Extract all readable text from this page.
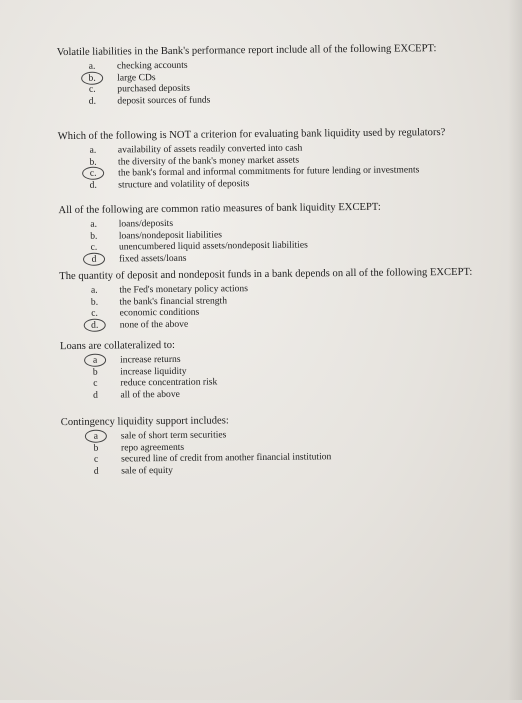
Volatile liabilities in the Bank's performance report include all of the following EXCEPT:
a.	checking accounts
b.	large CDs
c.	purchased deposits
d.	deposit sources of funds
Which of the following is NOT a criterion for evaluating bank liquidity used by regulators?
a.	availability of assets readily converted into cash
b.	the diversity of the bank's money market assets
c.	the bank's formal and informal commitments for future lending or investments
d.	structure and volatility of deposits
All of the following are common ratio measures of bank liquidity EXCEPT:
a.	loans/deposits
b.	loans/nondeposit liabilities
c.	unencumbered liquid assets/nondeposit liabilities
d	fixed assets/loans
The quantity of deposit and nondeposit funds in a bank depends on all of the following EXCEPT:
a.	the Fed's monetary policy actions
b.	the bank's financial strength
c.	economic conditions
d.	none of the above
Loans are collateralized to:
a	increase returns
b	increase liquidity
c	reduce concentration risk
d	all of the above
Contingency liquidity support includes:
a	sale of short term securities
b	repo agreements
c	secured line of credit from another financial institution
d	sale of equity
